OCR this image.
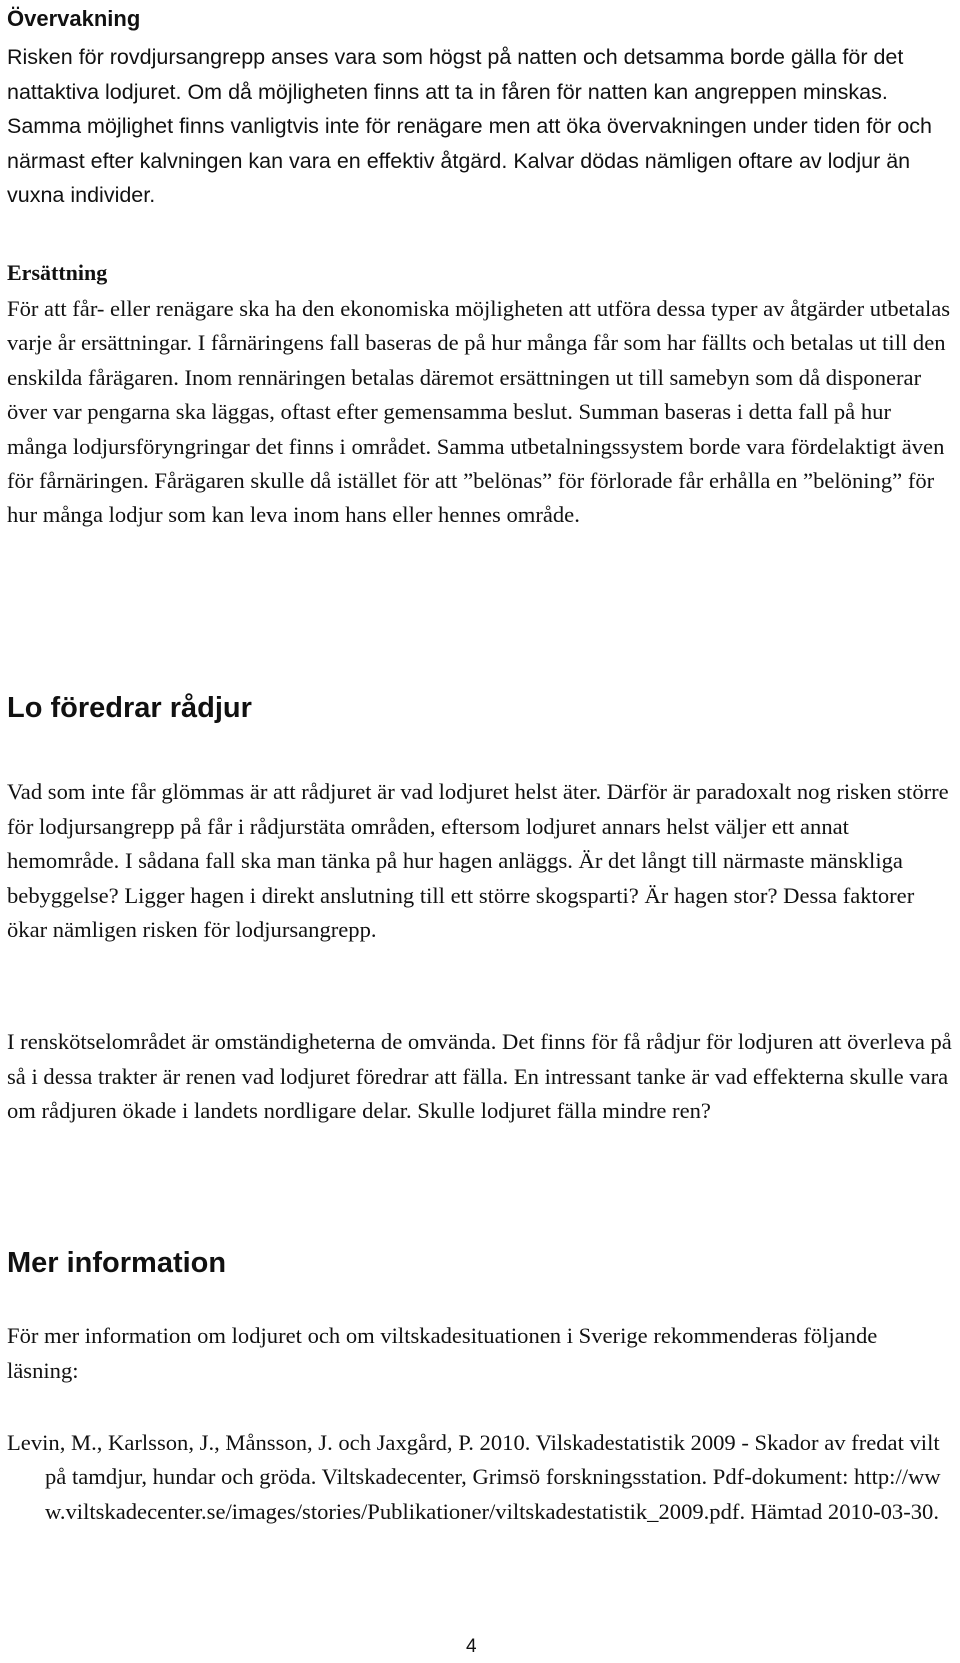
Övervakning

Risken för rovdjursangrepp anses vara som högst på natten och detsamma borde gälla för det nattaktiva lodjuret. Om då möjligheten finns att ta in fåren för natten kan angreppen minskas. Samma möjlighet finns vanligtvis inte för renägare men att öka övervakningen under tiden för och närmast efter kalvningen kan vara en effektiv åtgärd. Kalvar dödas nämligen oftare av lodjur än vuxna individer.

Ersättning

För att får- eller renägare ska ha den ekonomiska möjligheten att utföra dessa typer av åtgärder utbetalas varje år ersättningar. I fårnäringens fall baseras de på hur många får som har fällts och betalas ut till den enskilda fårägaren. Inom rennäringen betalas däremot ersättningen ut till samebyn som då disponerar över var pengarna ska läggas, oftast efter gemensamma beslut. Summan baseras i detta fall på hur många lodjursföryngringar det finns i området. Samma utbetalningssystem borde vara fördelaktigt även för fårnäringen. Fårägaren skulle då istället för att ”belönas” för förlorade får erhålla en ”belöning” för hur många lodjur som kan leva inom hans eller hennes område.

Lo föredrar rådjur

Vad som inte får glömmas är att rådjuret är vad lodjuret helst äter. Därför är paradoxalt nog risken större för lodjursangrepp på får i rådjurstäta områden, eftersom lodjuret annars helst väljer ett annat hemområde. I sådana fall ska man tänka på hur hagen anläggs. Är det långt till närmaste mänskliga bebyggelse? Ligger hagen i direkt anslutning till ett större skogsparti? Är hagen stor? Dessa faktorer ökar nämligen risken för lodjursangrepp.

I renskötselområdet är omständigheterna de omvända. Det finns för få rådjur för lodjuren att överleva på så i dessa trakter är renen vad lodjuret föredrar att fälla. En intressant tanke är vad effekterna skulle vara om rådjuren ökade i landets nordligare delar. Skulle lodjuret fälla mindre ren?

Mer information

För mer information om lodjuret och om viltskadesituationen i Sverige rekommenderas följande läsning:

Levin, M., Karlsson, J., Månsson, J. och Jaxgård, P. 2010. Vilskadestatistik 2009 - Skador av fredat vilt på tamdjur, hundar och gröda. Viltskadecenter, Grimsö forskningsstation. Pdf-dokument: http://www.viltskadecenter.se/images/stories/Publikationer/viltskadestatistik_2009.pdf. Hämtad 2010-03-30.

4
